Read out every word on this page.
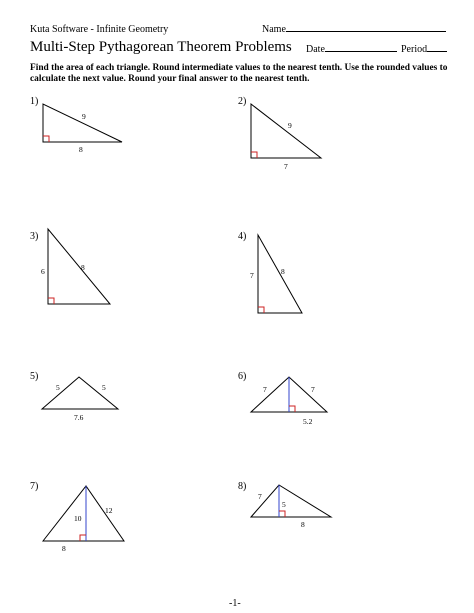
Kuta Software - Infinite Geometry	Name
Multi-Step Pythagorean Theorem Problems Date	Period
Find the area of each triangle. Round intermediate values to the nearest tenth. Use the rounded values to calculate the next value. Round your final answer to the nearest tenth.
1)	2)
3)	4)
5)	6)
7)	8)
9
8
9
7
6	8
7	8
5	5
7.6
7	7
5.2
10
12
8
7
5
8
-1-
